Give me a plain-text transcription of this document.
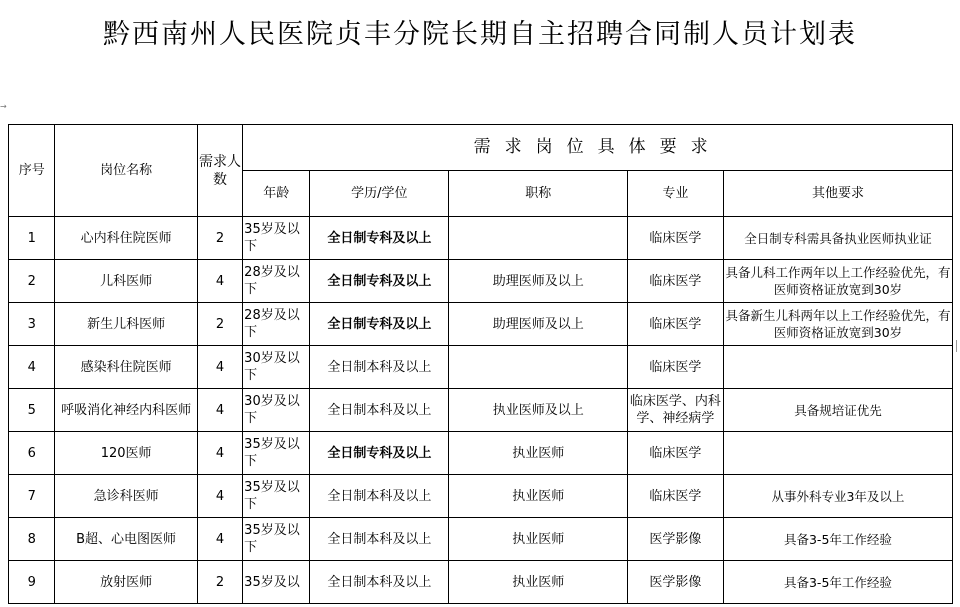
黔西南州人民医院贞丰分院长期自主招聘合同制人员计划表
→
序号	岗位名称	需求人数	需求岗位具体要求				
			年龄	学历/学位	职称	专业	其他要求
1	心内科住院医师	2	35岁及以下	全日制专科及以上		临床医学	全日制专科需具备执业医师执业证
2	儿科医师	4	28岁及以下	全日制专科及以上	助理医师及以上	临床医学	具备儿科工作两年以上工作经验优先，有医师资格证放宽到30岁
3	新生儿科医师	2	28岁及以下	全日制专科及以上	助理医师及以上	临床医学	具备新生儿科两年以上工作经验优先，有医师资格证放宽到30岁
4	感染科住院医师	4	30岁及以下	全日制本科及以上		临床医学	
5	呼吸消化神经内科医师	4	30岁及以下	全日制本科及以上	执业医师及以上	临床医学、内科学、神经病学	具备规培证优先
6	120医师	4	35岁及以下	全日制专科及以上	执业医师	临床医学	
7	急诊科医师	4	35岁及以下	全日制本科及以上	执业医师	临床医学	从事外科专业3年及以上
8	B超、心电图医师	4	35岁及以下	全日制本科及以上	执业医师	医学影像	具备3-5年工作经验
9	放射医师	2	35岁及以	全日制本科及以上	执业医师	医学影像	具备3-5年工作经验
